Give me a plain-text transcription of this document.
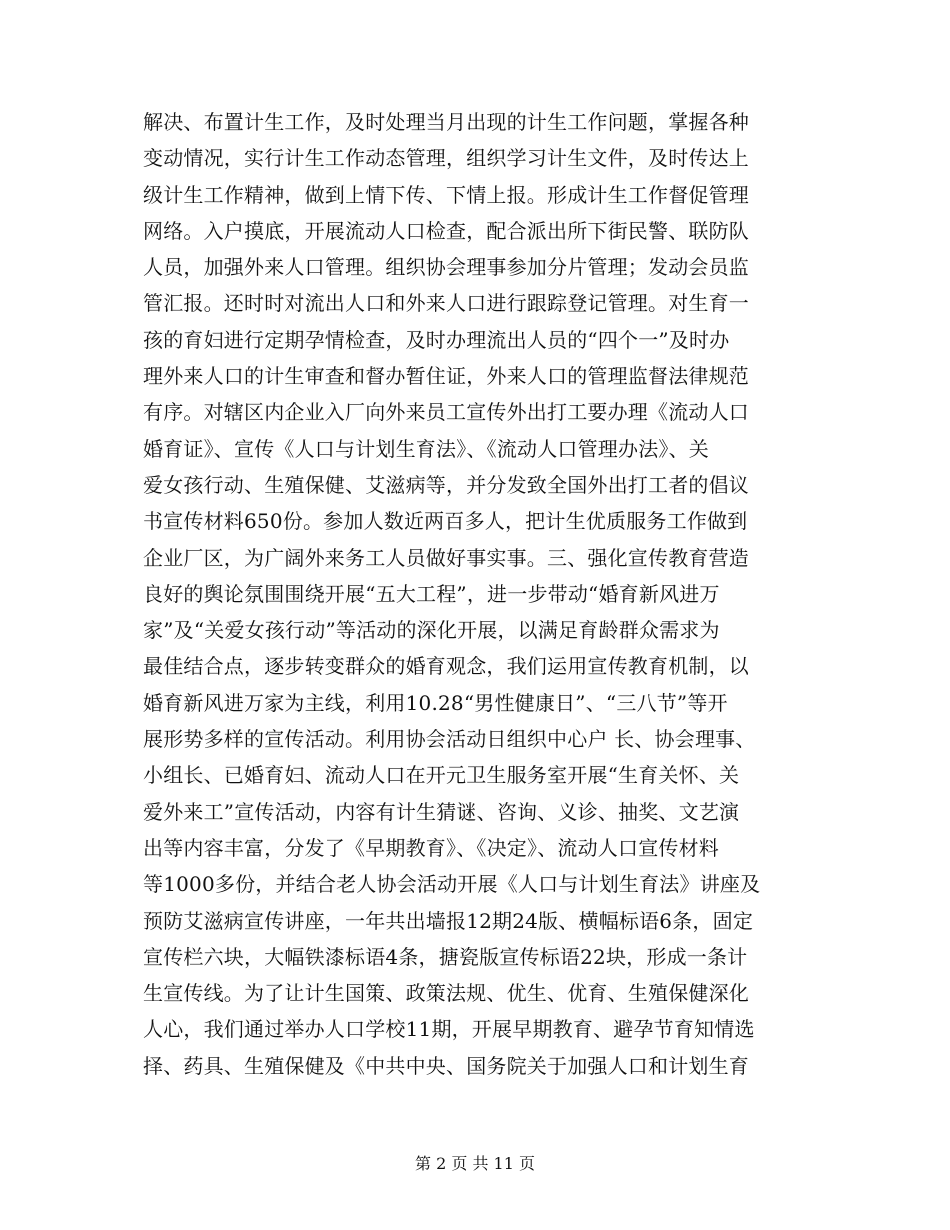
解决、布置计生工作，及时处理当月出现的计生工作问题，掌握各种
变动情况，实行计生工作动态管理，组织学习计生文件，及时传达上
级计生工作精神，做到上情下传、下情上报。形成计生工作督促管理
网络。入户摸底，开展流动人口检查，配合派出所下街民警、联防队
人员，加强外来人口管理。组织协会理事参加分片管理；发动会员监
管汇报。还时时对流出人口和外来人口进行跟踪登记管理。对生育一
孩的育妇进行定期孕情检查，及时办理流出人员的“四个一”及时办
理外来人口的计生审查和督办暂住证，外来人口的管理监督法律规范
有序。对辖区内企业入厂向外来员工宣传外出打工要办理《流动人口
婚育证》、宣传《人口与计划生育法》、《流动人口管理办法》、关
爱女孩行动、生殖保健、艾滋病等，并分发致全国外出打工者的倡议
书宣传材料650份。参加人数近两百多人，把计生优质服务工作做到
企业厂区，为广阔外来务工人员做好事实事。三、强化宣传教育营造
良好的舆论氛围围绕开展“五大工程”，进一步带动“婚育新风进万
家”及“关爱女孩行动”等活动的深化开展，以满足育龄群众需求为
最佳结合点，逐步转变群众的婚育观念，我们运用宣传教育机制，以
婚育新风进万家为主线，利用10.28“男性健康日”、“三八节”等开
展形势多样的宣传活动。利用协会活动日组织中心户 长、协会理事、
小组长、已婚育妇、流动人口在开元卫生服务室开展“生育关怀、关
爱外来工”宣传活动，内容有计生猜谜、咨询、义诊、抽奖、文艺演
出等内容丰富，分发了《早期教育》、《决定》、流动人口宣传材料
等1000多份，并结合老人协会活动开展《人口与计划生育法》讲座及
预防艾滋病宣传讲座，一年共出墙报12期24版、横幅标语6条，固定
宣传栏六块，大幅铁漆标语4条，搪瓷版宣传标语22块，形成一条计
生宣传线。为了让计生国策、政策法规、优生、优育、生殖保健深化
人心，我们通过举办人口学校11期，开展早期教育、避孕节育知情选
择、药具、生殖保健及《中共中央、国务院关于加强人口和计划生育
第 2 页 共 11 页
